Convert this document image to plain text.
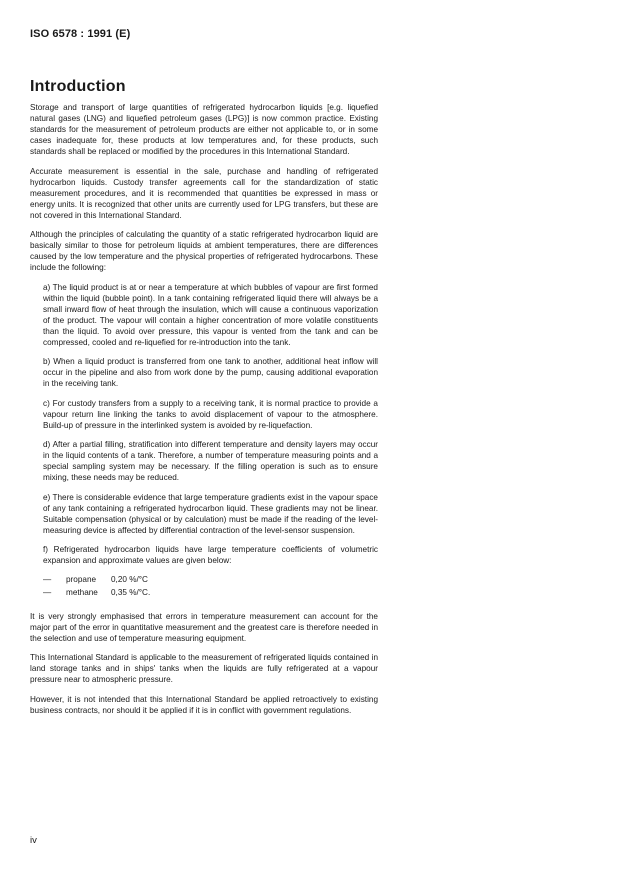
ISO 6578 : 1991 (E)

Introduction

Storage and transport of large quantities of refrigerated hydrocarbon liquids [e.g. liquefied natural gases (LNG) and liquefied petroleum gases (LPG)] is now common practice. Existing standards for the measurement of petroleum products are either not applicable to, or in some cases inadequate for, these products at low temperatures and, for these products, such standards shall be replaced or modified by the procedures in this International Standard.

Accurate measurement is essential in the sale, purchase and handling of refrigerated hydrocarbon liquids. Custody transfer agreements call for the standardization of static measurement procedures, and it is recommended that quantities be expressed in mass or energy units. It is recognized that other units are currently used for LPG transfers, but these are not covered in this International Standard.

Although the principles of calculating the quantity of a static refrigerated hydrocarbon liquid are basically similar to those for petroleum liquids at ambient temperatures, there are differences caused by the low temperature and the physical properties of refrigerated hydrocarbons. These include the following:

a) The liquid product is at or near a temperature at which bubbles of vapour are first formed within the liquid (bubble point). In a tank containing refrigerated liquid there will always be a small inward flow of heat through the insulation, which will cause a continuous vaporization of the product. The vapour will contain a higher concentration of more volatile constituents than the liquid. To avoid over pressure, this vapour is vented from the tank and can be compressed, cooled and re-liquefied for re-introduction into the tank.

b) When a liquid product is transferred from one tank to another, additional heat inflow will occur in the pipeline and also from work done by the pump, causing additional evaporation in the receiving tank.

c) For custody transfers from a supply to a receiving tank, it is normal practice to provide a vapour return line linking the tanks to avoid displacement of vapour to the atmosphere. Build-up of pressure in the interlinked system is avoided by re-liquefaction.

d) After a partial filling, stratification into different temperature and density layers may occur in the liquid contents of a tank. Therefore, a number of temperature measuring points and a special sampling system may be necessary. If the filling operation is such as to ensure mixing, these needs may be reduced.

e) There is considerable evidence that large temperature gradients exist in the vapour space of any tank containing a refrigerated hydrocarbon liquid. These gradients may not be linear. Suitable compensation (physical or by calculation) must be made if the reading of the level-measuring device is affected by differential contraction of the level-sensor suspension.

f) Refrigerated hydrocarbon liquids have large temperature coefficients of volumetric expansion and approximate values are given below:

—	propane	0,20 %/°C
—	methane	0,35 %/°C.

It is very strongly emphasised that errors in temperature measurement can account for the major part of the error in quantitative measurement and the greatest care is therefore needed in the selection and use of temperature measuring equipment.

This International Standard is applicable to the measurement of refrigerated liquids contained in land storage tanks and in ships' tanks when the liquids are fully refrigerated at a vapour pressure near to atmospheric pressure.

However, it is not intended that this International Standard be applied retroactively to existing business contracts, nor should it be applied if it is in conflict with government regulations.

iv
